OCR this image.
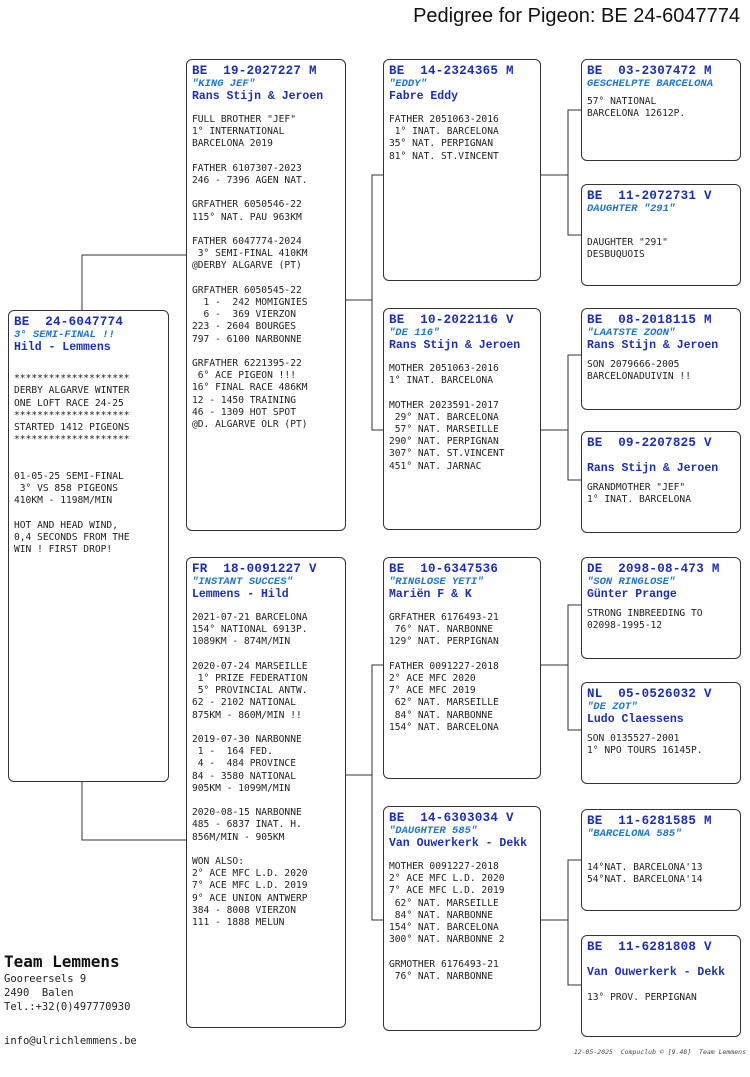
Pedigree for Pigeon: BE 24-6047774
BE  24-6047774
3° SEMI-FINAL !!
Hild - Lemmens

********************
DERBY ALGARVE WINTER
ONE LOFT RACE 24-25
********************
STARTED 1412 PIGEONS
********************

01-05-25 SEMI-FINAL
3° VS 858 PIGEONS
410KM - 1198M/MIN

HOT AND HEAD WIND,
0,4 SECONDS FROM THE
WIN ! FIRST DROP!
BE  19-2027227 M
"KING JEF"
Rans Stijn & Jeroen
FULL BROTHER "JEF"
1° INTERNATIONAL
BARCELONA 2019

FATHER 6107307-2023
246 - 7396 AGEN NAT.

GRFATHER 6050546-22
115° NAT. PAU 963KM

FATHER 6047774-2024
3° SEMI-FINAL 410KM
@DERBY ALGARVE (PT)

GRFATHER 6050545-22
1 -  242 MOMIGNIES
6 -  369 VIERZON
223 - 2604 BOURGES
797 - 6100 NARBONNE

GRFATHER 6221395-22
6° ACE PIGEON !!!
16° FINAL RACE 486KM
12 - 1450 TRAINING
46 - 1309 HOT SPOT
@D. ALGARVE OLR (PT)
FR  18-0091227 V
"INSTANT SUCCES"
Lemmens - Hild
2021-07-21 BARCELONA
154° NATIONAL 6913P.
1089KM - 874M/MIN

2020-07-24 MARSEILLE
1° PRIZE FEDERATION
5° PROVINCIAL ANTW.
62 - 2102 NATIONAL
875KM - 860M/MIN !!

2019-07-30 NARBONNE
1 -  164 FED.
4 -  484 PROVINCE
84 - 3580 NATIONAL
905KM - 1099M/MIN

2020-08-15 NARBONNE
485 - 6837 INAT. H.
856M/MIN - 905KM

WON ALSO:
2° ACE MFC L.D. 2020
7° ACE MFC L.D. 2019
9° ACE UNION ANTWERP
384 - 8008 VIERZON
111 - 1888 MELUN
BE  14-2324365 M
"EDDY"
Fabre Eddy
FATHER 2051063-2016
1° INAT. BARCELONA
35° NAT. PERPIGNAN
81° NAT. ST.VINCENT
BE  10-2022116 V
"DE 116"
Rans Stijn & Jeroen
MOTHER 2051063-2016
1° INAT. BARCELONA

MOTHER 2023591-2017
29° NAT. BARCELONA
57° NAT. MARSEILLE
290° NAT. PERPIGNAN
307° NAT. ST.VINCENT
451° NAT. JARNAC
BE  10-6347536
"RINGLOSE YETI"
Mariën F & K
GRFATHER 6176493-21
76° NAT. NARBONNE
129° NAT. PERPIGNAN

FATHER 0091227-2018
2° ACE MFC 2020
7° ACE MFC 2019
62° NAT. MARSEILLE
84° NAT. NARBONNE
154° NAT. BARCELONA
BE  14-6303034 V
"DAUGHTER 585"
Van Ouwerkerk - Dekk
MOTHER 0091227-2018
2° ACE MFC L.D. 2020
7° ACE MFC L.D. 2019
62° NAT. MARSEILLE
84° NAT. NARBONNE
154° NAT. BARCELONA
300° NAT. NARBONNE 2

GRMOTHER 6176493-21
76° NAT. NARBONNE
BE  03-2307472 M
GESCHELPTE BARCELONA
57° NATIONAL
BARCELONA 12612P.
BE  11-2072731 V
DAUGHTER "291"
DAUGHTER "291"
DESBUQUOIS
BE  08-2018115 M
"LAATSTE ZOON"
Rans Stijn & Jeroen
SON 2079666-2005
BARCELONADUIVIN !!
BE  09-2207825 V
Rans Stijn & Jeroen
GRANDMOTHER "JEF"
1° INAT. BARCELONA
DE  2098-08-473 M
"SON RINGLOSE"
Günter Prange
STRONG INBREEDING TO
02098-1995-12
NL  05-0526032 V
"DE ZOT"
Ludo Claessens
SON 0135527-2001
1° NPO TOURS 16145P.
BE  11-6281585 M
"BARCELONA 585"
14°NAT. BARCELONA'13
54°NAT. BARCELONA'14
BE  11-6281808 V
Van Ouwerkerk - Dekk
13° PROV. PERPIGNAN
Team Lemmens
Gooreersels 9
2490  Balen
Tel.:+32(0)497770930
info@ulrichlemmens.be
12-05-2025  Compuclub © [9.48]  Team Lemmens
